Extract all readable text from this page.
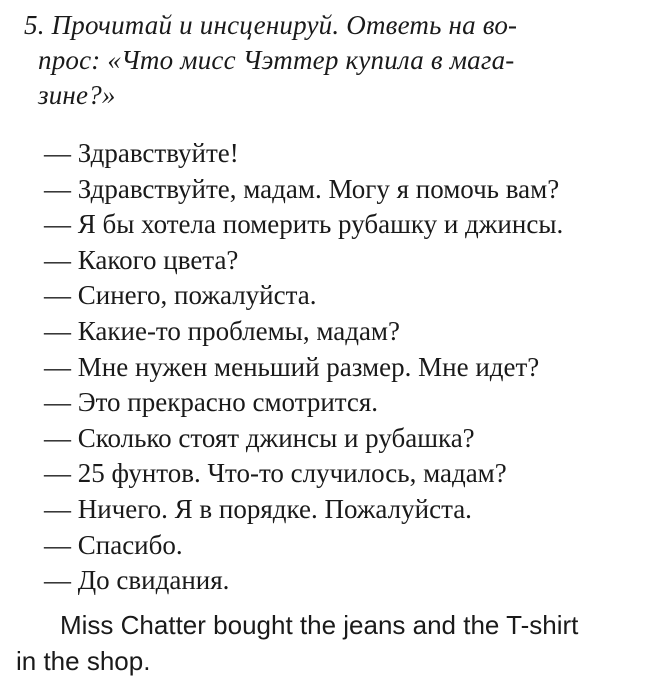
5. Прочитай и инсценируй. Ответь на во-
прос: «Что мисс Чэттер купила в мага-
зине?»
— Здравствуйте!
— Здравствуйте, мадам. Могу я помочь вам?
— Я бы хотела померить рубашку и джинсы.
— Какого цвета?
— Синего, пожалуйста.
— Какие-то проблемы, мадам?
— Мне нужен меньший размер. Мне идет?
— Это прекрасно смотрится.
— Сколько стоят джинсы и рубашка?
— 25 фунтов. Что-то случилось, мадам?
— Ничего. Я в порядке. Пожалуйста.
— Спасибо.
— До свидания.
Miss Chatter bought the jeans and the T-shirt
in the shop.
